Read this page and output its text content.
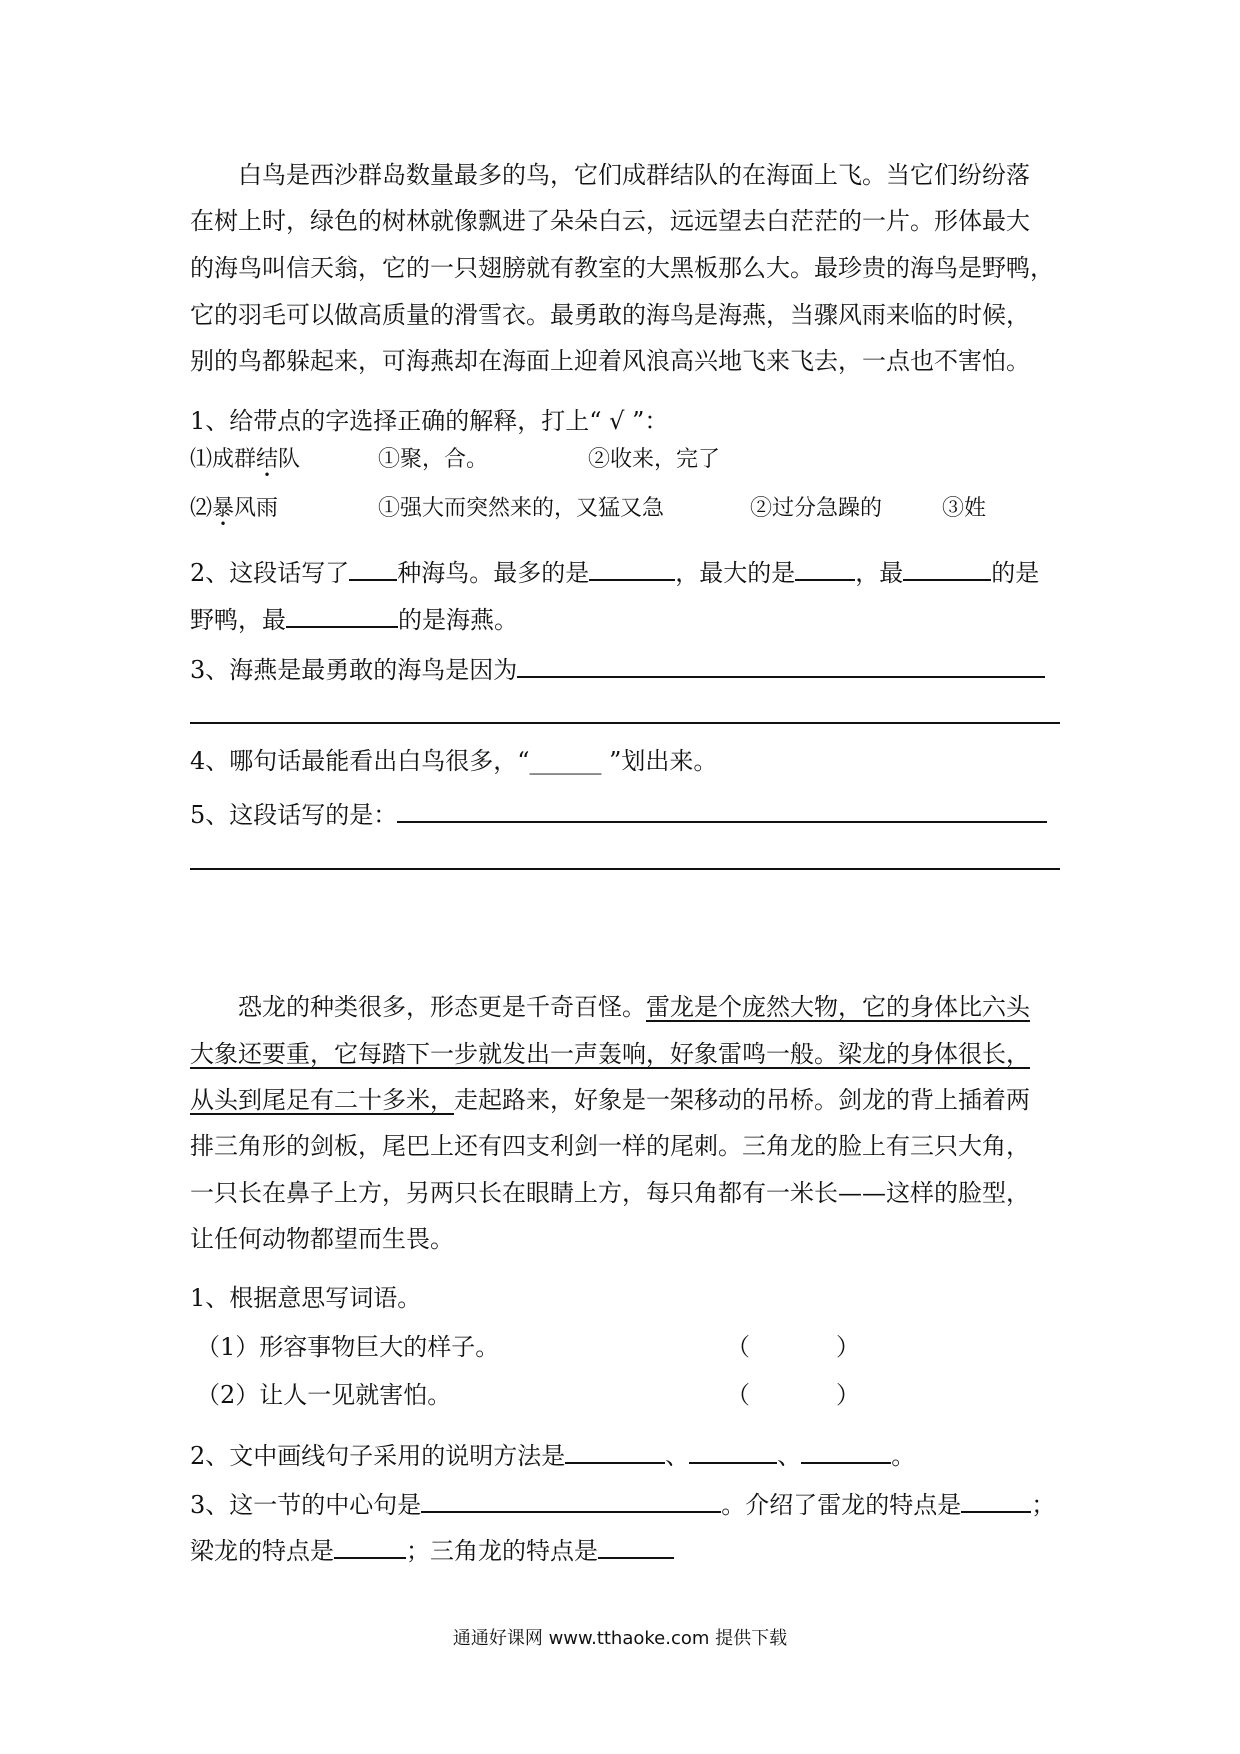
白鸟是西沙群岛数量最多的鸟，它们成群结队的在海面上飞。当它们纷纷落
在树上时，绿色的树林就像飘进了朵朵白云，远远望去白茫茫的一片。形体最大
的海鸟叫信天翁，它的一只翅膀就有教室的大黑板那么大。最珍贵的海鸟是野鸭，
它的羽毛可以做高质量的滑雪衣。最勇敢的海鸟是海燕，当骤风雨来临的时候，
别的鸟都躲起来，可海燕却在海面上迎着风浪高兴地飞来飞去，一点也不害怕。
1、给带点的字选择正确的解释，打上“ √ ”：
⑴成群结队	①聚，合。	②收来，完了
⑵暴风雨	①强大而突然来的，又猛又急	②过分急躁的	③姓
2、这段话写了 种海鸟。最多的是	，最大的是	，最	的是
野鸭，最	的是海燕。
3、海燕是最勇敢的海鸟是因为
4、哪句话最能看出白鸟很多，“______ ”划出来。
5、这段话写的是：
恐龙的种类很多，形态更是千奇百怪。雷龙是个庞然大物，它的身体比六头
大象还要重，它每踏下一步就发出一声轰响，好象雷鸣一般。梁龙的身体很长，
从头到尾足有二十多米，走起路来，好象是一架移动的吊桥。剑龙的背上插着两
排三角形的剑板，尾巴上还有四支利剑一样的尾刺。三角龙的脸上有三只大角，
一只长在鼻子上方，另两只长在眼睛上方，每只角都有一米长——这样的脸型，
让任何动物都望而生畏。
1、根据意思写词语。
（1）形容事物巨大的样子。	（	）
（2）让人一见就害怕。	（	）
2、文中画线句子采用的说明方法是	、	、	。
3、这一节的中心句是	。介绍了雷龙的特点是	；
梁龙的特点是	；三角龙的特点是
通通好课网 www.tthaoke.com 提供下载
